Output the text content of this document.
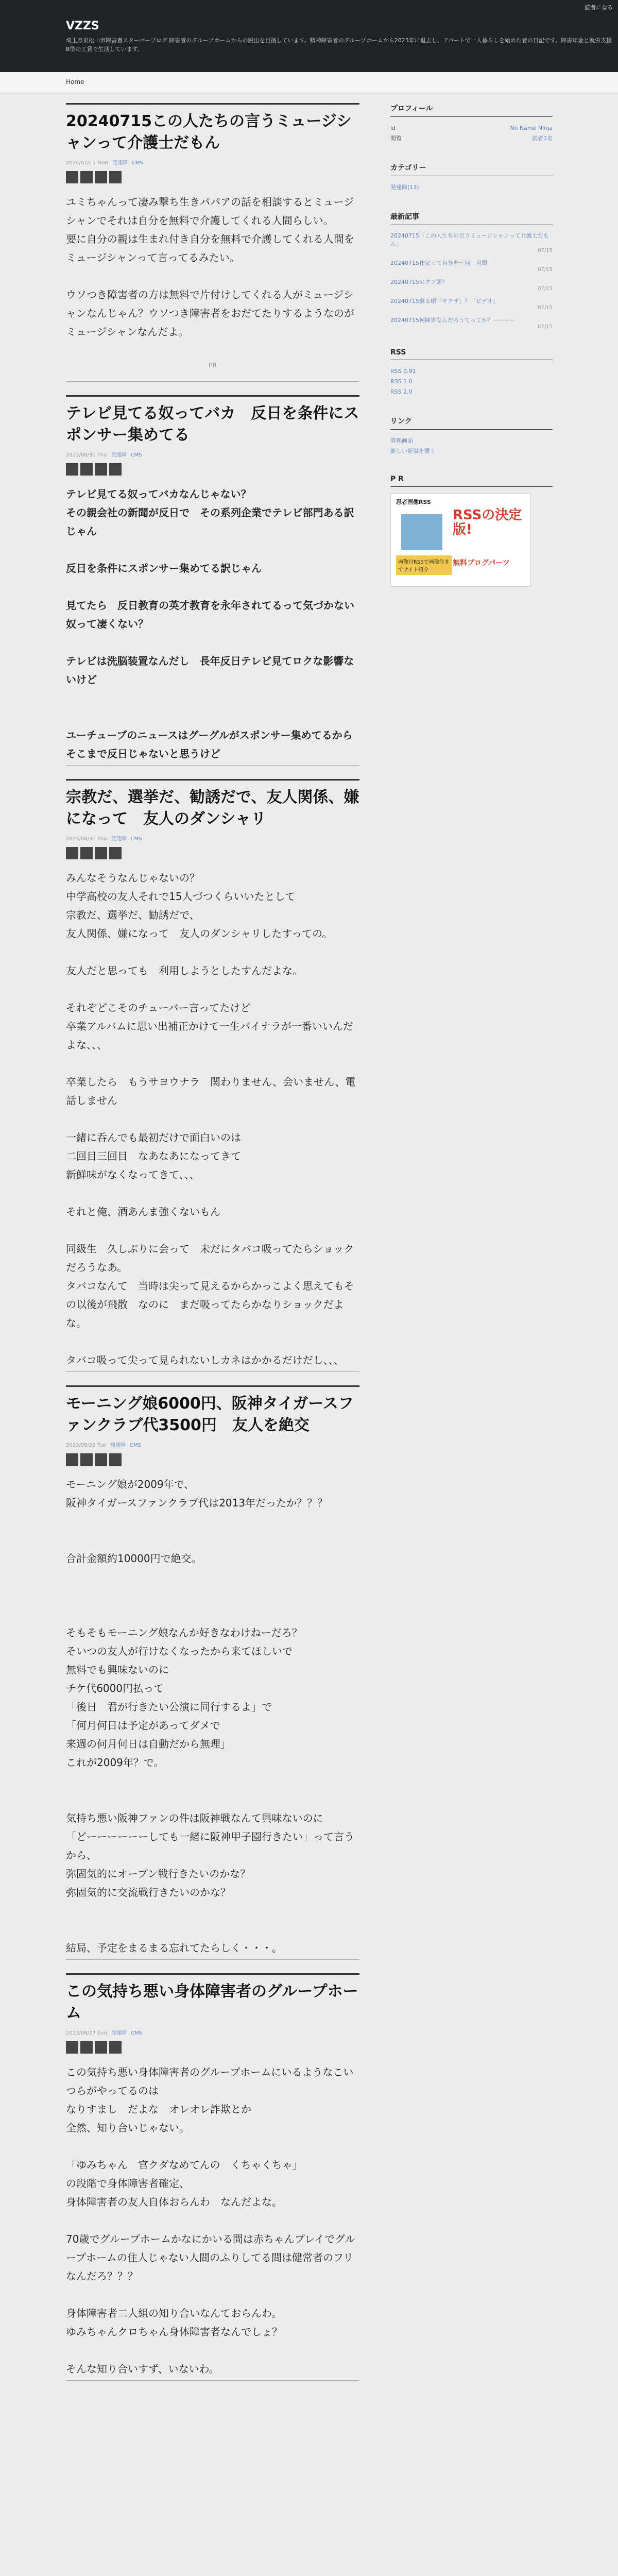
読者になる
VZZS
埼玉県東松山市障害者スターパーブログ 障害者のグループホームからの脱出を目指しています。精神障害者のグループホームから2023年に退去し、アパートで一人暮らしを始めた者の日記です。障害年金と就労支援B型の工賃で生活しています。
Home
20240715この人たちの言うミュージシャンって介護士だもん
2024/07/15 Mon 発達障 CMS
ユミちゃんって凄み撃ち生きパパアの話を相談するとミュージシャンでそれは自分を無料で介護してくれる人間らしい。
要に自分の親は生まれ付き自分を無料で介護してくれる人間をミュージシャンって言ってるみたい。
ウソつき障害者の方は無料で片付けしてくれる人がミュージシャンなんじゃん？ウソつき障害者をおだてたりするようなのがミュージシャンなんだよ。
PR
テレビ見てる奴ってバカ　反日を条件にスポンサー集めてる
2023/08/31 Thu 発達障 CMS
テレビ見てる奴ってバカなんじゃない？
その親会社の新聞が反日で　その系列企業でテレビ部門ある訳じゃん
反日を条件にスポンサー集めてる訳じゃん
見てたら　反日教育の英才教育を永年されてるって気づかない奴って凄くない？
テレビは洗脳装置なんだし　長年反日テレビ見てロクな影響ないけど
ユーチューブのニュースはグーグルがスポンサー集めてるからそこまで反日じゃないと思うけど
宗教だ、選挙だ、勧誘だで、友人関係、嫌になって　友人のダンシャリ
2023/08/31 Thu 発達障 CMS
みんなそうなんじゃないの？
中学高校の友人それで15人づつくらいいたとして
宗教だ、選挙だ、勧誘だで、
友人関係、嫌になって　友人のダンシャリしたすっての。
友人だと思っても　利用しようとしたすんだよな。
それぞどこそのチューバー言ってたけど
卒業アルバムに思い出補正かけて一生バイナラが一番いいんだよな、、、
卒業したら　もうサヨウナラ　関わりません、会いません、電話しません
一緒に呑んでも最初だけで面白いのは
二回目三回目　なあなあになってきて
新鮮味がなくなってきて、、、
それと俺、酒あんま強くないもん
同級生　久しぶりに会って　未だにタバコ吸ってたらショックだろうなあ。
タバコなんて　当時は尖って見えるからかっこよく思えてもその以後が飛散　なのに　まだ吸ってたらかなりショックだよな。
タバコ吸って尖って見られないしカネはかかるだけだし、、、
モーニング娘6000円、阪神タイガースファンクラブ代3500円　友人を絶交
2023/08/29 Tue 発達障 CMS
モーニング娘が2009年で、
阪神タイガースファンクラブ代は2013年だったか？？？
合計金額約10000円で絶交。
そもそもモーニング娘なんか好きなわけねーだろ？
そいつの友人が行けなくなったから来てほしいで
無料でも興味ないのに
チケ代6000円払って
「後日　君が行きたい公演に同行するよ」で
「何月何日は予定があってダメで
来週の何月何日は自動だから無理」
これが2009年？で。
気持ち悪い阪神ファンの件は阪神戦なんて興味ないのに
「どーーーーーーしても一緒に阪神甲子園行きたい」って言うから、
弥固気的にオープン戦行きたいのかな？
弥固気的に交流戦行きたいのかな？
結局、予定をまるまる忘れてたらしく・・・。
この気持ち悪い身体障害者のグループホーム
2023/08/27 Sun 発達障 CMS
この気持ち悪い身体障害者のグループホームにいるようなこいつらがやってるのは
なりすまし　だよな　オレオレ詐欺とか
全然、知り合いじゃない。
「ゆみちゃん　官クダなめてんの　くちゃくちゃ」
の段階で身体障害者確定、
身体障害者の友人自体おらんわ　なんだよな。
70歳でグループホームかなにかいる間は赤ちゃんプレイでグループホームの住人じゃない人間のふりしてる間は健常者のフリなんだろ？？？
身体障害者二人組の知り合いなんておらんわ。
ゆみちゃんクロちゃん身体障害者なんでしょ？
そんな知り合いすず、いないわ。
プロフィール
id	No Name Ninja
閲覧	読者1名
カテゴリー
発達障(13)
最新記事
20240715「この人たちの言うミュージシャンって介護士だもん」
07/15
20240715作家って自分を～何　自頭
07/15
20240715のクソ頭？
07/15
20240715蘇る頃「ヤクザ」？「ビデオ」
07/15
20240715何障害なんだろうてってか？ーーーー
07/15
RSS
RSS 0.91
RSS 1.0
RSS 2.0
リンク
管理画面
新しい記事を書く
P R
忍者画像RSS
RSSの決定版!
画像付RSSで画像付きでサイト紹介
無料ブログパーツ
